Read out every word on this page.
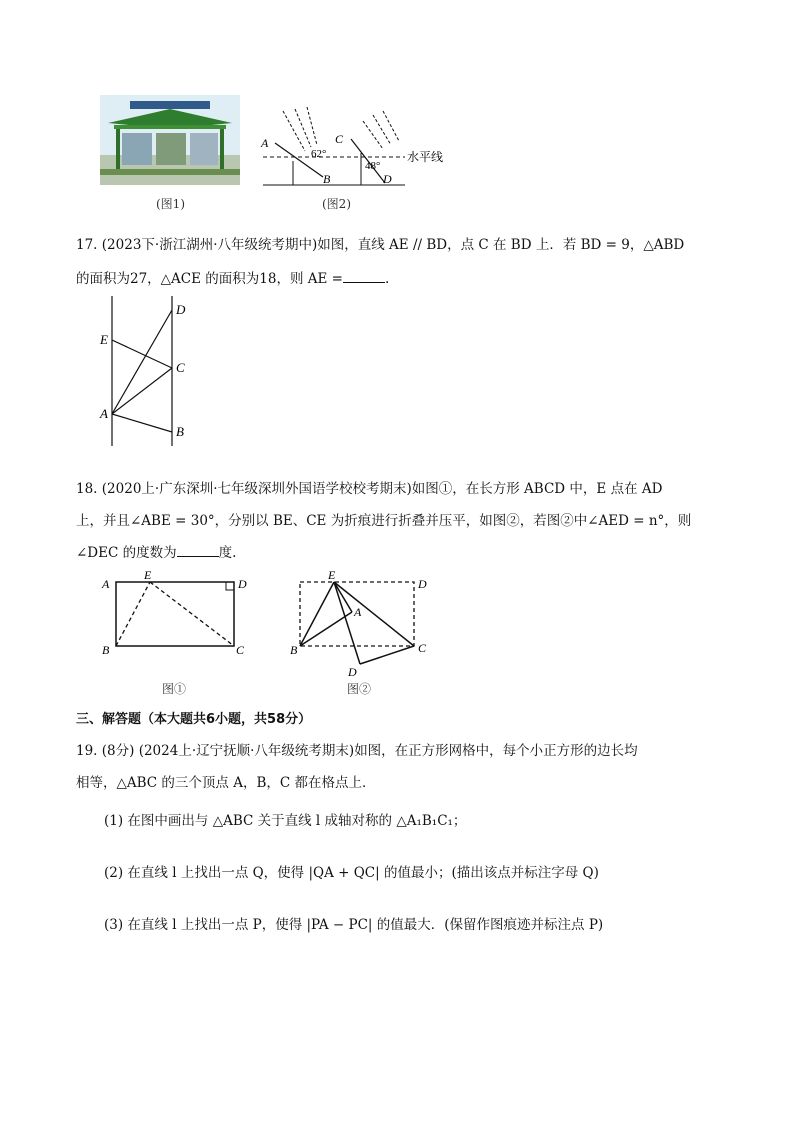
(图1)
A
B
C
D
62°
48°
水平线
(图2)
17. (2023下·浙江湖州·八年级统考期中)如图，直线 AE // BD，点 C 在 BD 上．若 BD = 9，△ABD
的面积为27，△ACE 的面积为18，则 AE =	.
D
E
C
A
B
18. (2020上·广东深圳·七年级深圳外国语学校校考期末)如图①，在长方形 ABCD 中，E 点在 AD
上，并且∠ABE = 30°，分别以 BE、CE 为折痕进行折叠并压平，如图②，若图②中∠AED = n°，则
∠DEC 的度数为	度.
A
E
D
B	C
图①
E
D
A
B	C
D
图②
三、解答题（本大题共6小题，共58分）
19. (8分) (2024上·辽宁抚顺·八年级统考期末)如图，在正方形网格中，每个小正方形的边长均
相等，△ABC 的三个顶点 A，B，C 都在格点上．
(1) 在图中画出与 △ABC 关于直线 l 成轴对称的 △A₁B₁C₁；
(2) 在直线 l 上找出一点 Q，使得 |QA + QC| 的值最小；(描出该点并标注字母 Q)
(3) 在直线 l 上找出一点 P，使得 |PA − PC| 的值最大．(保留作图痕迹并标注点 P)
